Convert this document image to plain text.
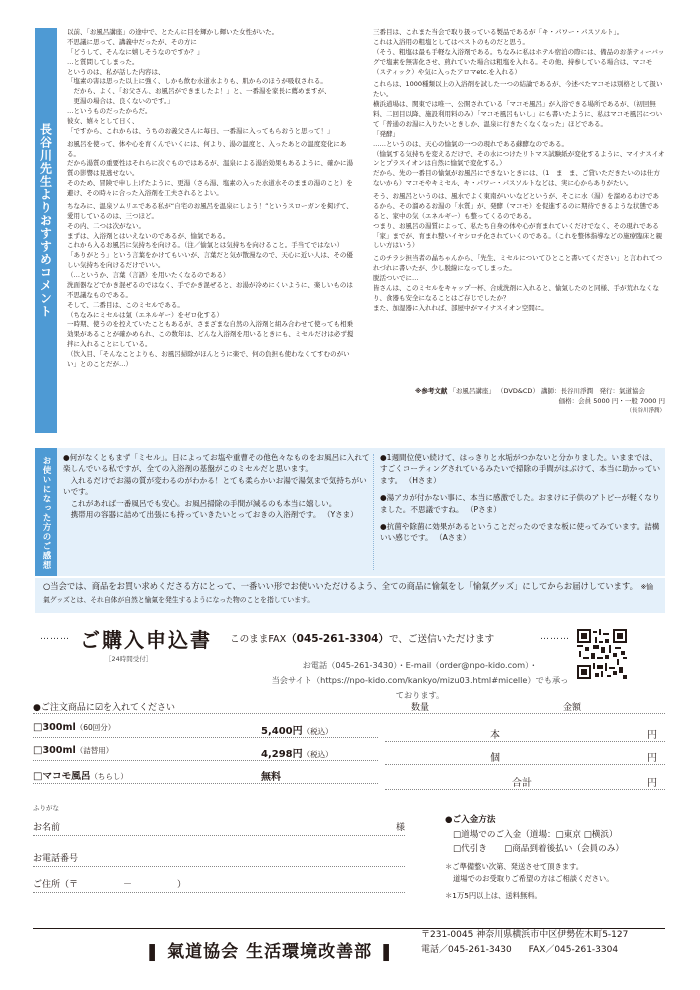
長谷川先生よりおすすめコメント

以前、「お風呂講座」の途中で、とたんに目を輝かし輝いた女性がいた。
不思議に思って、講義中だったが、その方に
「どうして、そんなに嬉しそうなのですか？」
…と質問してしまった。
というのは、私が話した内容は、
「塩素の害は思った以上に強く、しかも飲む水道水よりも、肌からのほうが吸収される。
　だから、よく、「お父さん、お風呂ができましたよ！」と、一番湯を家長に薦めますが、
　更湯の場合は、良くないのです。」
…というものだったからだ。
彼女、嬉々として日く、
「ですから、これからは、うちのお義父さんに毎日、一番湯に入ってもらおうと思って！」

お風呂を使って、体や心を育くんでいくには、何より、湯の温度と、入ったあとの温度変化にある。
だから湯質の重要性はそれらに次ぐものではあるが、温泉による湯治効果もあるように、確かに湯質の影響は見逃せない。
そのため、冒険で申し上げたように、更湯（さら湯、塩素の入った水道水そのままの湯のこと）を避け、その時々に合った入浴剤を工夫されるとよい。

ちなみに、温泉ソムリエである私が“自宅のお風呂を温泉にしよう！”というスローガンを掲げて、愛用しているのは、三つほど。
その内、二つは次がない。
まずは、入浴剤とはいえないのであるが、愉氣である。
これから入るお風呂に気持ちを向ける。（注／愉氣とは気持ちを向けること。手当てではない）
「ありがとう」という言葉をかけてもいいが、言葉だと気が散漫なので、天心に近い人は、その優しい気持ちを向けるだけでいい。
（…というか、言葉（言語）を用いたくなるのである）
洗面器などでかき混ぜるのではなく、手でかき混ぜると、お湯が冷めにくいように、楽しいものは不思議なものである。
そして、二番目は、このミセルである。
（ちなみにミセルは氣（エネルギー）をゼロ化する）
一時期、使うのを控えていたこともあるが、さまざまな自然の入浴剤と組み合わせて使っても相乗効果があることが確かめられ、この数年は、どんな入浴剤を用いるときにも、ミセルだけは必ず撹拌に入れることにしている。
（饮入目、「そんなことよりも、お風呂掃除がほんとうに楽で、何の負担も使わなくてすむのがいい」とのことだが…）

三番目は、これまた当会で取り扱っている製品であるが「キ・パワー・パスソルト」。
これは入浴用の粗塩としてはベストのものだと思う。
（そう、粗塩は最も手軽な入浴剤である。ちなみに私はホテル宿泊の際には、備品のお茶ティーバッグで塩素を無害化させ、煎れていた場合は粗塩を入れる。その他、持参している場合は、マコモ（スティック）や気に入ったアロマetc.を入れる）

これらは、1000種類以上の入浴剤を試した一つの結論であるが、今述べたマコモは別格として扱いたい。
横浜道場は、関東では唯一、公開されている「マコモ風呂」が入浴できる場所であるが、（初回無料、二回目以降、施設利用料のみ）「マコモ風呂もいし」にも書いたように、私はマコモ風呂について「普通のお湯に入りたいときしか、温泉に行きたくなくなった」ほどである。
「発酵」
……というのは、天心の愉氣の一つの現れである蘇酵なのである。
（愉氣する気持ちを変えるだけで、その水につけたリトマス試験紙が変化するように、マイナスイオンとプラスイオンは自然に愉氣で変化する。）
だから、先の一番目の愉氣がお風呂にできないときには、（1　ま　ま、ご貸いただきたいのは仕方ないから）マコモやキミセル、キ・パワー・パスソルトなどは、実に心からありがたい。

そう、お風呂というのは、風水でよく東南がいいなどというが、そこに水（湯）を溜めるわけであるから、その溜めるお湯の「水質」が、発酵（マコモ）を促進するのに期待できるような状態であると、家中の気（エネルギー）も整ってくるのである。
つまり、お風呂の湯質によって、私たち自身の体や心が育まれていくだけでなく、その現れである「家」までが、育まれ整いイヤシロチ化されていくのである。（これを整体指導などの施療臨床と親しい方はいう）

このチラシ担当者の晶ちゃんから、「先生、ミセルについてひとこと書いてください」と言われてつれづれに書いたが、少し脱線になってしまった。
脱活ついでに…
皆さんは、このミセルをキャップ一杯、合成洗剤に入れると、愉氣したのと同様、手が荒れなくなり、食器も安全になることはご存じでしたか？
また、加湿器に入れれば、部屋中がマイナスイオン空間に。

※参考文献 「お風呂講座」 （DVD&CD） 講師：長谷川淨潤　発行：氣道協会
価格：会員 5000 円・一般 7000 円
（長谷川淨潤）
お使いになった方のご感想 ●何がなくともまず「ミセル」。日によってお塩や重曹その他色々なものをお風呂に入れて楽しんでいる私ですが、全ての入浴剤の基盤がこのミセルだと思います。
　入れるだけでお湯の質が変わるのがわかる！とても柔らかいお湯で湯気まで気持ちがいいです。
　これがあれば一番風呂でも安心。お風呂掃除の手間が減るのも本当に嬉しい。
　携帯用の容器に詰めて出張にも持っていきたいとっておきの入浴剤です。 （Yさま）

●1週間位使い続けて、はっきりと水垢がつかないと分かりました。いままでは、すごくコーティングされているみたいで掃除の手間がはぶけて、本当に助かっています。 （Hさま）

●湯アカが付かない事に、本当に感激でした。おまけに子供のアトピーが軽くなりました。不思議ですね。 （Pさま）

●抗菌や除菌に効果があるということだったのでまな板に使ってみています。詰構いい感じです。 （Aさま）

○当会では、商品をお買い求めくださる方にとって、一番いい形でお使いいただけるよう、全ての商品に愉氣をし「愉氣グッズ」にしてからお届けしています。 ※愉氣グッズとは、それ自体が自然と愉氣を発生するようになった物のことを指しています。
……… ご購入申込書 このままFAX（045-261-3304）で、ご送信いただけます	………
［24時間受付］
お電話（045-261-3430）・E-mail（order@npo-kido.com）・
当会サイト（https://npo-kido.com/kankyo/mizu03.html#micelle）でも承っております。
●ご注文商品に☑を入れてください	数量	金額
□300ml（60回分）	5,400円（税込）
□300ml（詰替用）	4,298円（税込）
□マコモ風呂（ちらし）	無料
本	円
個	円
合計	円
ふりがな
お名前	様
お電話番号
ご住所（〒　　　　　－　　　　　）
●ご入金方法
□道場でのご入金（道場：□東京 □横浜）
□代引き　　□商品到着後払い（会員のみ）
＊ご準備整い次第、発送させて頂きます。
道場でのお受取りご希望の方はご相談ください。
＊1万5円以上は、送料無料。
❚ 氣道協会 生活環境改善部 ❚
〒231-0045 神奈川県横浜市中区伊勢佐木町5-127
電話／045-261-3430 FAX／045-261-3304
